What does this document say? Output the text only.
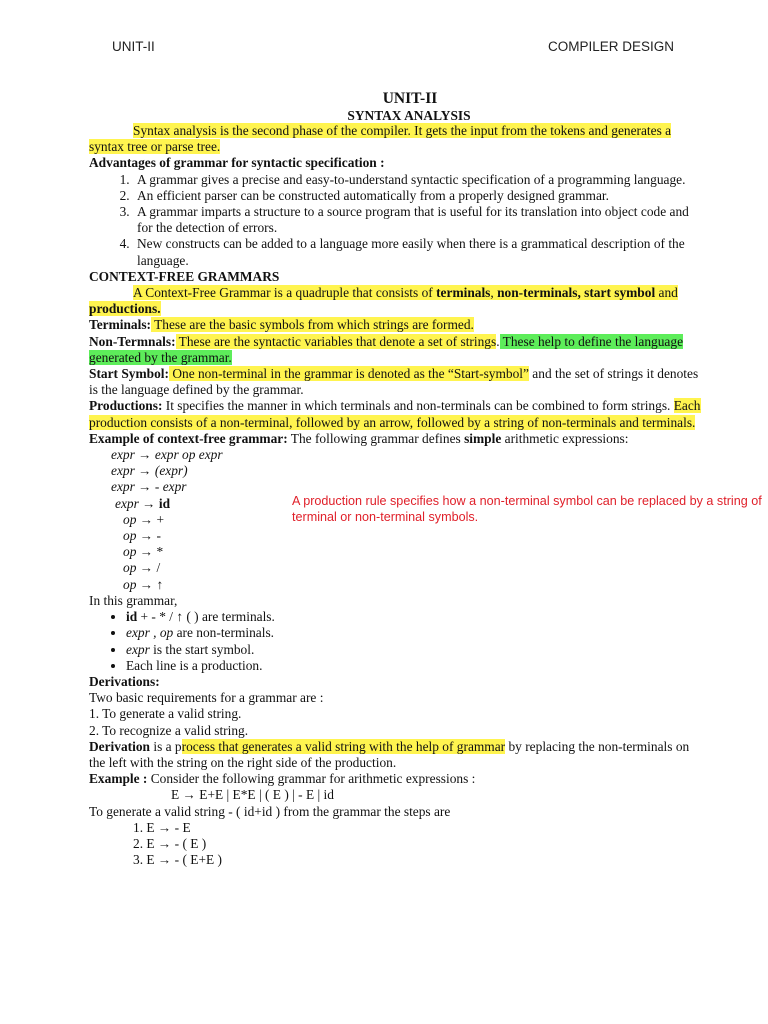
UNIT-II	COMPILER DESIGN
UNIT-II
SYNTAX ANALYSIS

Syntax analysis is the second phase of the compiler. It gets the input from the tokens and generates a syntax tree or parse tree.

Advantages of grammar for syntactic specification :
1. A grammar gives a precise and easy-to-understand syntactic specification of a programming language.
2. An efficient parser can be constructed automatically from a properly designed grammar.
3. A grammar imparts a structure to a source program that is useful for its translation into object code and for the detection of errors.
4. New constructs can be added to a language more easily when there is a grammatical description of the language.
CONTEXT-FREE GRAMMARS

A Context-Free Grammar is a quadruple that consists of terminals, non-terminals, start symbol and productions.

Terminals: These are the basic symbols from which strings are formed.

Non-Termnals: These are the syntactic variables that denote a set of strings. These help to define the language generated by the grammar.

Start Symbol: One non-terminal in the grammar is denoted as the “Start-symbol” and the set of strings it denotes is the language defined by the grammar.

Productions: It specifies the manner in which terminals and non-terminals can be combined to form strings. Each production consists of a non-terminal, followed by an arrow, followed by a string of non-terminals and terminals.

Example of context-free grammar: The following grammar defines simple arithmetic expressions:

expr → expr op expr
expr → (expr)
expr → - expr
expr → id
op → +
op → -
op → *
op → /
op → ↑
In this grammar,
• id + - * / ↑ ( ) are terminals.
• expr , op are non-terminals.
• expr is the start symbol.
• Each line is a production.
Derivations:
Two basic requirements for a grammar are :
1. To generate a valid string.
2. To recognize a valid string.

Derivation is a process that generates a valid string with the help of grammar by replacing the non-terminals on the left with the string on the right side of the production.

Example : Consider the following grammar for arithmetic expressions :

E → E+E | E*E | ( E ) | - E | id
To generate a valid string - ( id+id ) from the grammar the steps are
1. E → - E
2. E → - ( E )
3. E → - ( E+E )
A production rule specifies how a non-terminal symbol can be replaced by a string of terminal or non-terminal symbols.
